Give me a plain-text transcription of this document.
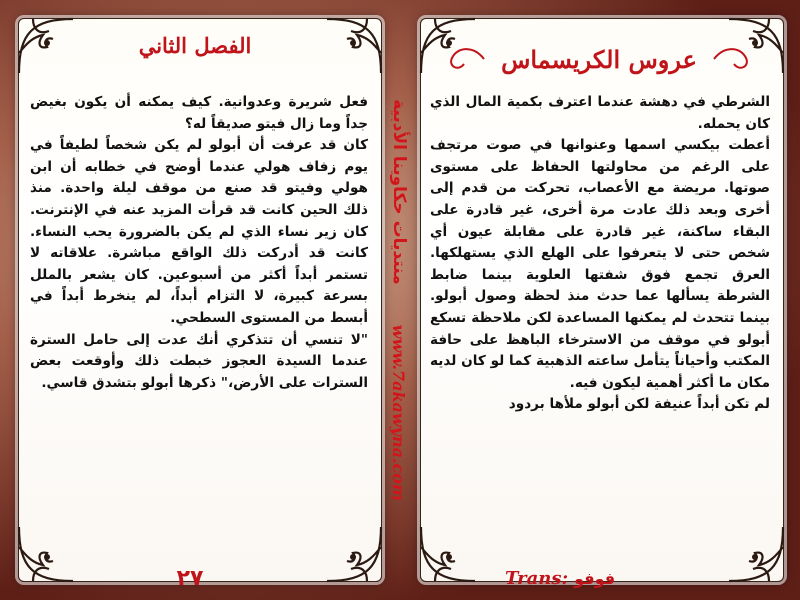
عروس الكريسماس
الفصل الثاني
منتديات حكاوينا الأدبية
www.7akawyna.com

الشرطي في دهشة عندما اعترف بكمية المال الذي كان يحمله.

أعطت بيكسي اسمها وعنوانها في صوت مرتجف على الرغم من محاولتها الحفاظ على مستوى صوتها. مريضة مع الأعصاب، تحركت من قدم إلى أخرى وبعد ذلك عادت مرة أخرى، غير قادرة على البقاء ساكنة، غير قادرة على مقابلة عيون أي شخص حتى لا يتعرفوا على الهلع الذي يستهلكها. العرق تجمع فوق شفتها العلوية بينما ضابط الشرطة يسألها عما حدث منذ لحظة وصول أبولو. بينما تتحدث لم يمكنها المساعدة لكن ملاحظة تسكع أبولو في موقف من الاسترخاء الباهظ على حافة المكتب وأحياناً يتأمل ساعته الذهبية كما لو كان لديه مكان ما أكثر أهمية ليكون فيه.

لم تكن أبداً عنيفة لكن أبولو ملأها بردود

فعل شريرة وعدوانية. كيف يمكنه أن يكون بغيض جداً وما زال فيتو صديقاً له؟

كان قد عرفت أن أبولو لم يكن شخصاً لطيفاً في يوم زفاف هولي عندما أوضح في خطابه أن ابن هولي وفيتو قد صنع من موقف ليلة واحدة. منذ ذلك الحين كانت قد قرأت المزيد عنه في الإنترنت. كان زير نساء الذي لم يكن بالضرورة يحب النساء. كانت قد أدركت ذلك الواقع مباشرة. علاقاته لا تستمر أبداً أكثر من أسبوعين. كان يشعر بالملل بسرعة كبيرة، لا التزام أبداً، لم ينخرط أبداً في أبسط من المستوى السطحي.

"لا تنسي أن تتذكري أنك عدت إلى حامل السترة عندما السيدة العجوز خبطت ذلك وأوقعت بعض السترات على الأرض،" ذكرها أبولو بتشدق قاسي.

٢٧	Trans: فوفو
